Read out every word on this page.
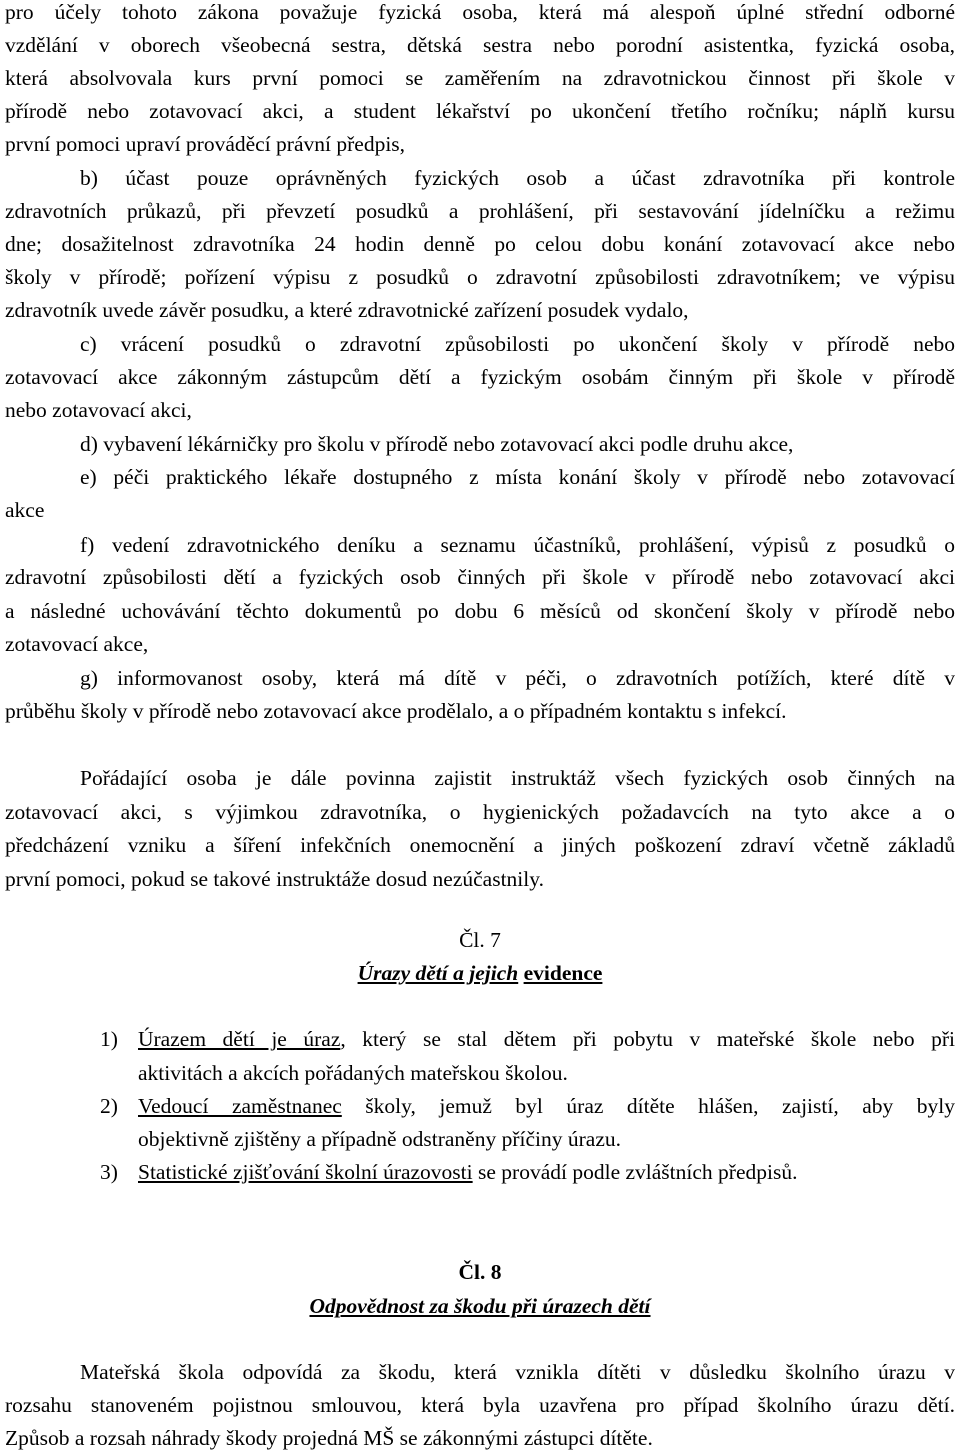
pro účely tohoto zákona považuje fyzická osoba, která má alespoň úplné střední odborné
vzdělání v oborech všeobecná sestra, dětská sestra nebo porodní asistentka, fyzická osoba,
která absolvovala kurs první pomoci se zaměřením na zdravotnickou činnost při škole v
přírodě nebo zotavovací akci, a student lékařství po ukončení třetího ročníku; náplň kursu
první pomoci upraví prováděcí právní předpis,
b) účast pouze oprávněných fyzických osob a účast zdravotníka při kontrole
zdravotních průkazů, při převzetí posudků a prohlášení, při sestavování jídelníčku a režimu
dne; dosažitelnost zdravotníka 24 hodin denně po celou dobu konání zotavovací akce nebo
školy v přírodě; pořízení výpisu z posudků o zdravotní způsobilosti zdravotníkem; ve výpisu
zdravotník uvede závěr posudku, a které zdravotnické zařízení posudek vydalo,
c) vrácení posudků o zdravotní způsobilosti po ukončení školy v přírodě nebo
zotavovací akce zákonným zástupcům dětí a fyzickým osobám činným při škole v přírodě
nebo zotavovací akci,
d) vybavení lékárničky pro školu v přírodě nebo zotavovací akci podle druhu akce,
e) péči praktického lékaře dostupného z místa konání školy v přírodě nebo zotavovací
akce
f) vedení zdravotnického deníku a seznamu účastníků, prohlášení, výpisů z posudků o
zdravotní způsobilosti dětí a fyzických osob činných při škole v přírodě nebo zotavovací akci
a následné uchovávání těchto dokumentů po dobu 6 měsíců od skončení školy v přírodě nebo
zotavovací akce,
g) informovanost osoby, která má dítě v péči, o zdravotních potížích, které dítě v
průběhu školy v přírodě nebo zotavovací akce prodělalo, a o případném kontaktu s infekcí.
Pořádající osoba je dále povinna zajistit instruktáž všech fyzických osob činných na
zotavovací akci, s výjimkou zdravotníka, o hygienických požadavcích na tyto akce a o
předcházení vzniku a šíření infekčních onemocnění a jiných poškození zdraví včetně základů
první pomoci, pokud se takové instruktáže dosud nezúčastnily.
Čl. 7
Úrazy dětí a jejich evidence
1) Úrazem dětí je úraz, který se stal dětem při pobytu v mateřské škole nebo při
aktivitách a akcích pořádaných mateřskou školou.
2) Vedoucí zaměstnanec školy, jemuž byl úraz dítěte hlášen, zajistí, aby byly
objektivně zjištěny a případně odstraněny příčiny úrazu.
3) Statistické zjišťování školní úrazovosti se provádí podle zvláštních předpisů.
Čl. 8
Odpovědnost za škodu při úrazech dětí
Mateřská škola odpovídá za škodu, která vznikla dítěti v důsledku školního úrazu v
rozsahu stanoveném pojistnou smlouvou, která byla uzavřena pro případ školního úrazu dětí.
Způsob a rozsah náhrady škody projedná MŠ se zákonnými zástupci dítěte.
